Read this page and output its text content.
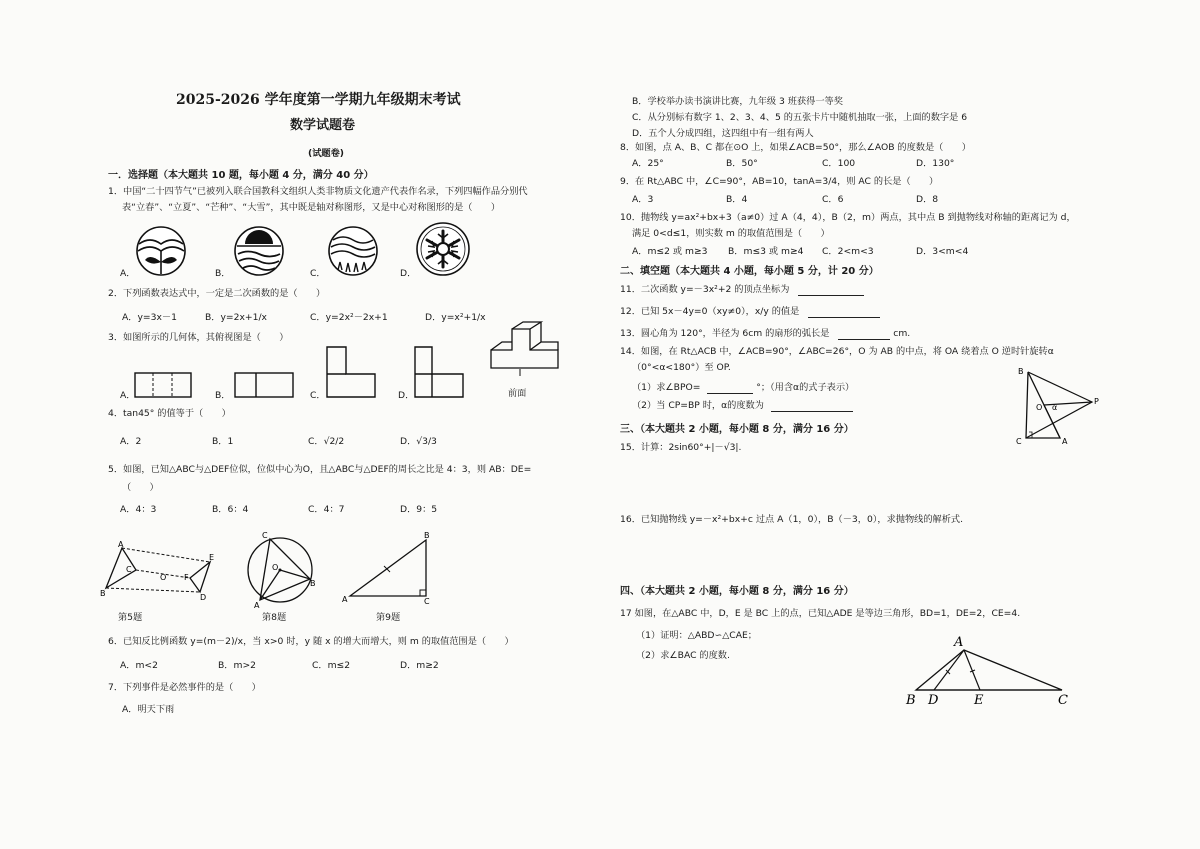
2025-2026 学年度第一学期九年级期末考试
数学试题卷
(试题卷)
一．选择题（本大题共 10 题，每小题 4 分，满分 40 分）
1．中国“二十四节气”已被列入联合国教科文组织人类非物质文化遗产代表作名录，下列四幅作品分别代
表“立春”、“立夏”、“芒种”、“大雪”，其中既是轴对称图形，又是中心对称图形的是（　　）
A．	B．	C．	D．
2．下列函数表达式中，一定是二次函数的是（　　）
A．y=3x－1	B．y=2x+1/x	C．y=2x²－2x+1	D．y=x²+1/x
3．如图所示的几何体，其俯视图是（　　）
A．	B．	C．	D．	前面
4．tan45° 的值等于（　　）
A．2	B．1	C．√2/2	D．√3/3
5．如图，已知△ABC与△DEF位似，位似中心为O，且△ABC与△DEF的周长之比是 4：3，则 AB：DE=
（　　）
A．4：3	B．6：4	C．4：7	D．9：5
A
C
O
E
F
B	D
第5题
C
O
A
B
第8题
B
A	C
第9题
6．已知反比例函数 y=(m－2)/x，当 x>0 时，y 随 x 的增大而增大，则 m 的取值范围是（　　）
A．m<2	B．m>2	C．m≤2	D．m≥2
7．下列事件是必然事件的是（　　）
A．明天下雨
B．学校举办读书演讲比赛，九年级 3 班获得一等奖
C．从分别标有数字 1、2、3、4、5 的五张卡片中随机抽取一张，上面的数字是 6
D．五个人分成四组，这四组中有一组有两人
8．如图，点 A、B、C 都在⊙O 上，如果∠ACB=50°，那么∠AOB 的度数是（　　）
A．25°	B．50°	C．100	D．130°
9．在 Rt△ABC 中，∠C=90°，AB=10，tanA=3/4，则 AC 的长是（　　）
A．3	B．4	C．6	D．8
10．抛物线 y=ax²+bx+3（a≠0）过 A（4，4），B（2，m）两点，其中点 B 到抛物线对称轴的距离记为 d，
满足 0<d≤1，则实数 m 的取值范围是（　　）
A．m≤2 或 m≥3 B．m≤3 或 m≥4 C．2<m<3	D．3<m<4
二、填空题（本大题共 4 小题，每小题 5 分，计 20 分）
11．二次函数 y=－3x²+2 的顶点坐标为
12．已知 5x－4y=0（xy≠0），x/y 的值是
13．圆心角为 120°，半径为 6cm 的扇形的弧长是	cm.
14．如图，在 Rt△ACB 中，∠ACB=90°，∠ABC=26°，O 为 AB 的中点，将 OA 绕着点 O 逆时针旋转α
（0°<α<180°）至 OP.
（1）求∠BPO=	°；（用含α的式子表示）
（2）当 CP=BP 时，α的度数为
B
O α
P
C	A
三、（本大题共 2 小题，每小题 8 分，满分 16 分）
15．计算：2sin60°+|－√3|.
16．已知抛物线 y=－x²+bx+c 过点 A（1，0），B（－3，0），求抛物线的解析式.
四、（本大题共 2 小题，每小题 8 分，满分 16 分）
17 如图，在△ABC 中，D，E 是 BC 上的点，已知△ADE 是等边三角形，BD=1，DE=2，CE=4.
（1）证明：△ABD∽△CAE；
（2）求∠BAC 的度数.
A
B D	E	C
